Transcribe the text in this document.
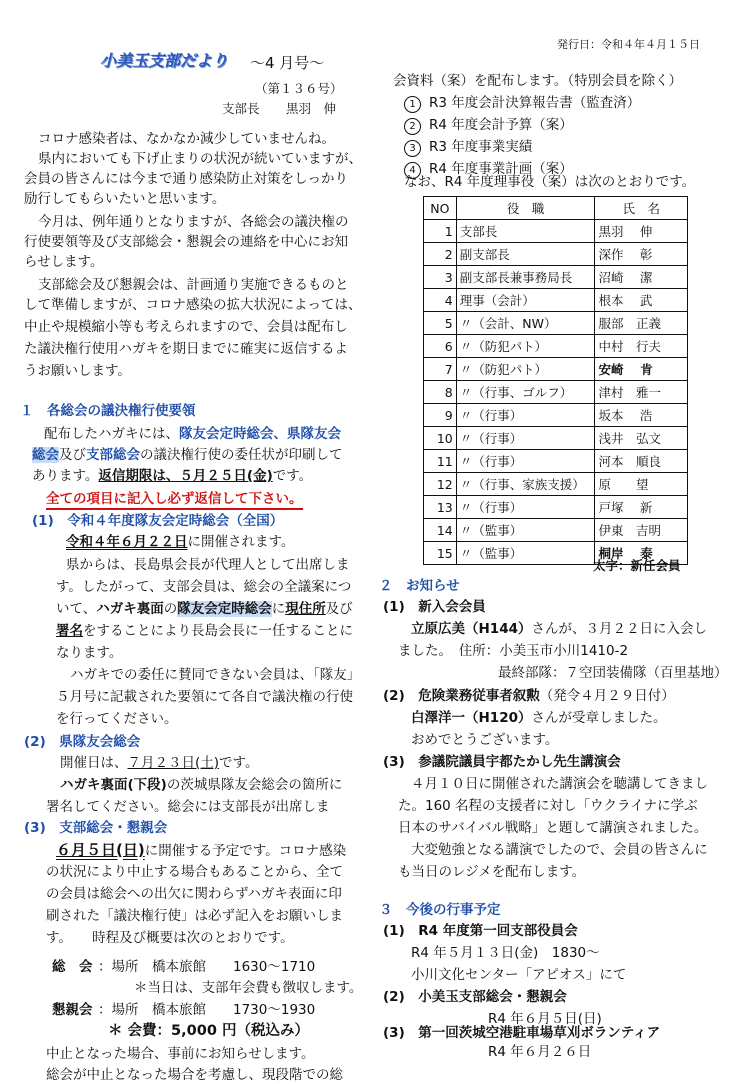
発行日：令和４年４月１５日
小美玉支部だより ～4 月号～
（第１３６号）
支部長 黒羽　伸
コロナ感染者は、なかなか減少していませんね。
県内においても下げ止まりの状況が続いていますが、
会員の皆さんには今まで通り感染防止対策をしっかり
励行してもらいたいと思います。
今月は、例年通りとなりますが、各総会の議決権の
行使要領等及び支部総会・懇親会の連絡を中心にお知
らせします。
支部総会及び懇親会は、計画通り実施できるものと
して準備しますが、コロナ感染の拡大状況によっては、
中止や規模縮小等も考えられますので、会員は配布し
た議決権行使用ハガキを期日までに確実に返信するよ
うお願いします。
１　各総会の議決権行使要領
配布したハガキには、隊友会定時総会、県隊友会
総会及び支部総会の議決権行使の委任状が印刷して
あります。返信期限は、５月２５日(金)です。
全ての項目に記入し必ず返信して下さい。
(1)　令和４年度隊友会定時総会（全国）
令和４年６月２２日に開催されます。
県からは、長島県会長が代理人として出席しま
す。したがって、支部会員は、総会の全議案につ
いて、ハガキ裏面の隊友会定時総会に現住所及び
署名をすることにより長島会長に一任することに
なります。
ハガキでの委任に賛同できない会員は、「隊友」
５月号に記載された要領にて各自で議決権の行使
を行ってください。
(2)　県隊友会総会
開催日は、７月２３日(土)です。
ハガキ裏面(下段)の茨城県隊友会総会の箇所に
署名してください。総会には支部長が出席しま
(3)　支部総会・懇親会
６月５日(日)に開催する予定です。コロナ感染
の状況により中止する場合もあることから、全て
の会員は総会への出欠に関わらずハガキ表面に印
刷された「議決権行使」は必ず記入をお願いしま
す。　　時程及び概要は次のとおりです。
総　会 ：場所　橋本旅館　　1630～1710
＊当日は、支部年会費も徴収します。
懇親会 ：場所　橋本旅館　　1730～1930
＊ 会費：5,000 円（税込み）
中止となった場合、事前にお知らせします。
総会が中止となった場合を考慮し、現段階での総
会資料（案）を配布します。（特別会員を除く）
1 R3 年度会計決算報告書（監査済）
2 R4 年度会計予算（案）
3 R3 年度事業実績
4 R4 年度事業計画（案）
なお、R4 年度理事役（案）は次のとおりです。
NO	役　職	氏　名
1	支部長	黒羽　 伸
2	副支部長	深作　 彰
3	副支部長兼事務局長	沼崎　 潔
4	理事（会計）	根本　 武
5	〃（会計、NW）	服部　正義
6	〃（防犯パト）	中村　行夫
7	〃（防犯パト）	安崎　 肯
8	〃（行事、ゴルフ）	津村　雅一
9	〃（行事）	坂本　 浩
10	〃（行事）	浅井　弘文
11	〃（行事）	河本　順良
12	〃（行事、家族支援）	原　　望
13	〃（行事）	戸塚　 新
14	〃（監事）	伊東　吉明
15	〃（監事）	桐岸　 泰
太字：新任会員
２　お知らせ
(1)　新入会会員
立原広美（H144）さんが、３月２２日に入会し
ました。　住所：小美玉市小川1410-2
最終部隊：７空団装備隊（百里基地）
(2)　危険業務従事者叙勲（発令４月２９日付）
白澤洋一（H120）さんが受章しました。
おめでとうございます。
(3)　参議院議員宇都たかし先生講演会
４月１０日に開催された講演会を聴講してきまし
た。160 名程の支援者に対し「ウクライナに学ぶ
日本のサバイバル戦略」と題して講演されました。
大変勉強となる講演でしたので、会員の皆さんに
も当日のレジメを配布します。
３　今後の行事予定
(1)　R4 年度第一回支部役員会
R4 年５月１３日(金)　1830～
小川文化センター「アピオス」にて
(2)　小美玉支部総会・懇親会
R4 年６月５日(日)
(3)　第一回茨城空港駐車場草刈ボランティア
R4 年６月２６日
